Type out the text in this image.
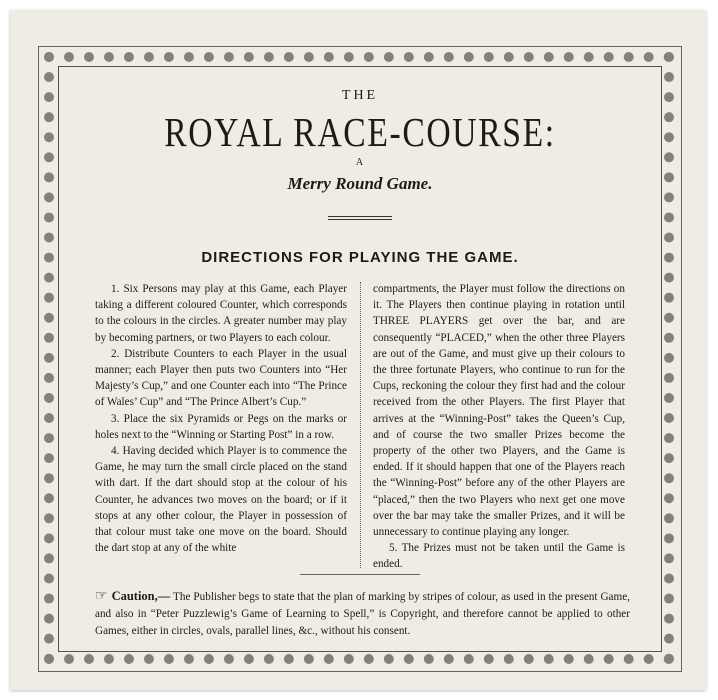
THE
ROYAL RACE-COURSE:
A
Merry Round Game.
DIRECTIONS FOR PLAYING THE GAME.

1. Six Persons may play at this Game, each Player taking a different coloured Counter, which corresponds to the colours in the circles. A greater number may play by becoming partners, or two Players to each colour.

2. Distribute Counters to each Player in the usual manner; each Player then puts two Counters into “Her Majesty’s Cup,” and one Counter each into “The Prince of Wales’ Cup” and “The Prince Albert’s Cup.”

3. Place the six Pyramids or Pegs on the marks or holes next to the “Winning or Starting Post” in a row.

4. Having decided which Player is to commence the Game, he may turn the small circle placed on the stand with dart. If the dart should stop at the colour of his Counter, he advances two moves on the board; or if it stops at any other colour, the Player in possession of that colour must take one move on the board. Should the dart stop at any of the white

compartments, the Player must follow the directions on it. The Players then continue playing in rotation until THREE PLAYERS get over the bar, and are consequently “PLACED,” when the other three Players are out of the Game, and must give up their colours to the three fortunate Players, who continue to run for the Cups, reckoning the colour they first had and the colour received from the other Players. The first Player that arrives at the “Winning-Post” takes the Queen’s Cup, and of course the two smaller Prizes become the property of the other two Players, and the Game is ended. If it should happen that one of the Players reach the “Winning-Post” before any of the other Players are “placed,” then the two Players who next get one move over the bar may take the smaller Prizes, and it will be unnecessary to continue playing any longer.

5. The Prizes must not be taken until the Game is ended.

☞ Caution,— The Publisher begs to state that the plan of marking by stripes of colour, as used in the present Game, and also in “Peter Puzzlewig’s Game of Learning to Spell,” is Copyright, and therefore cannot be applied to other Games, either in circles, ovals, parallel lines, &c., without his consent.
